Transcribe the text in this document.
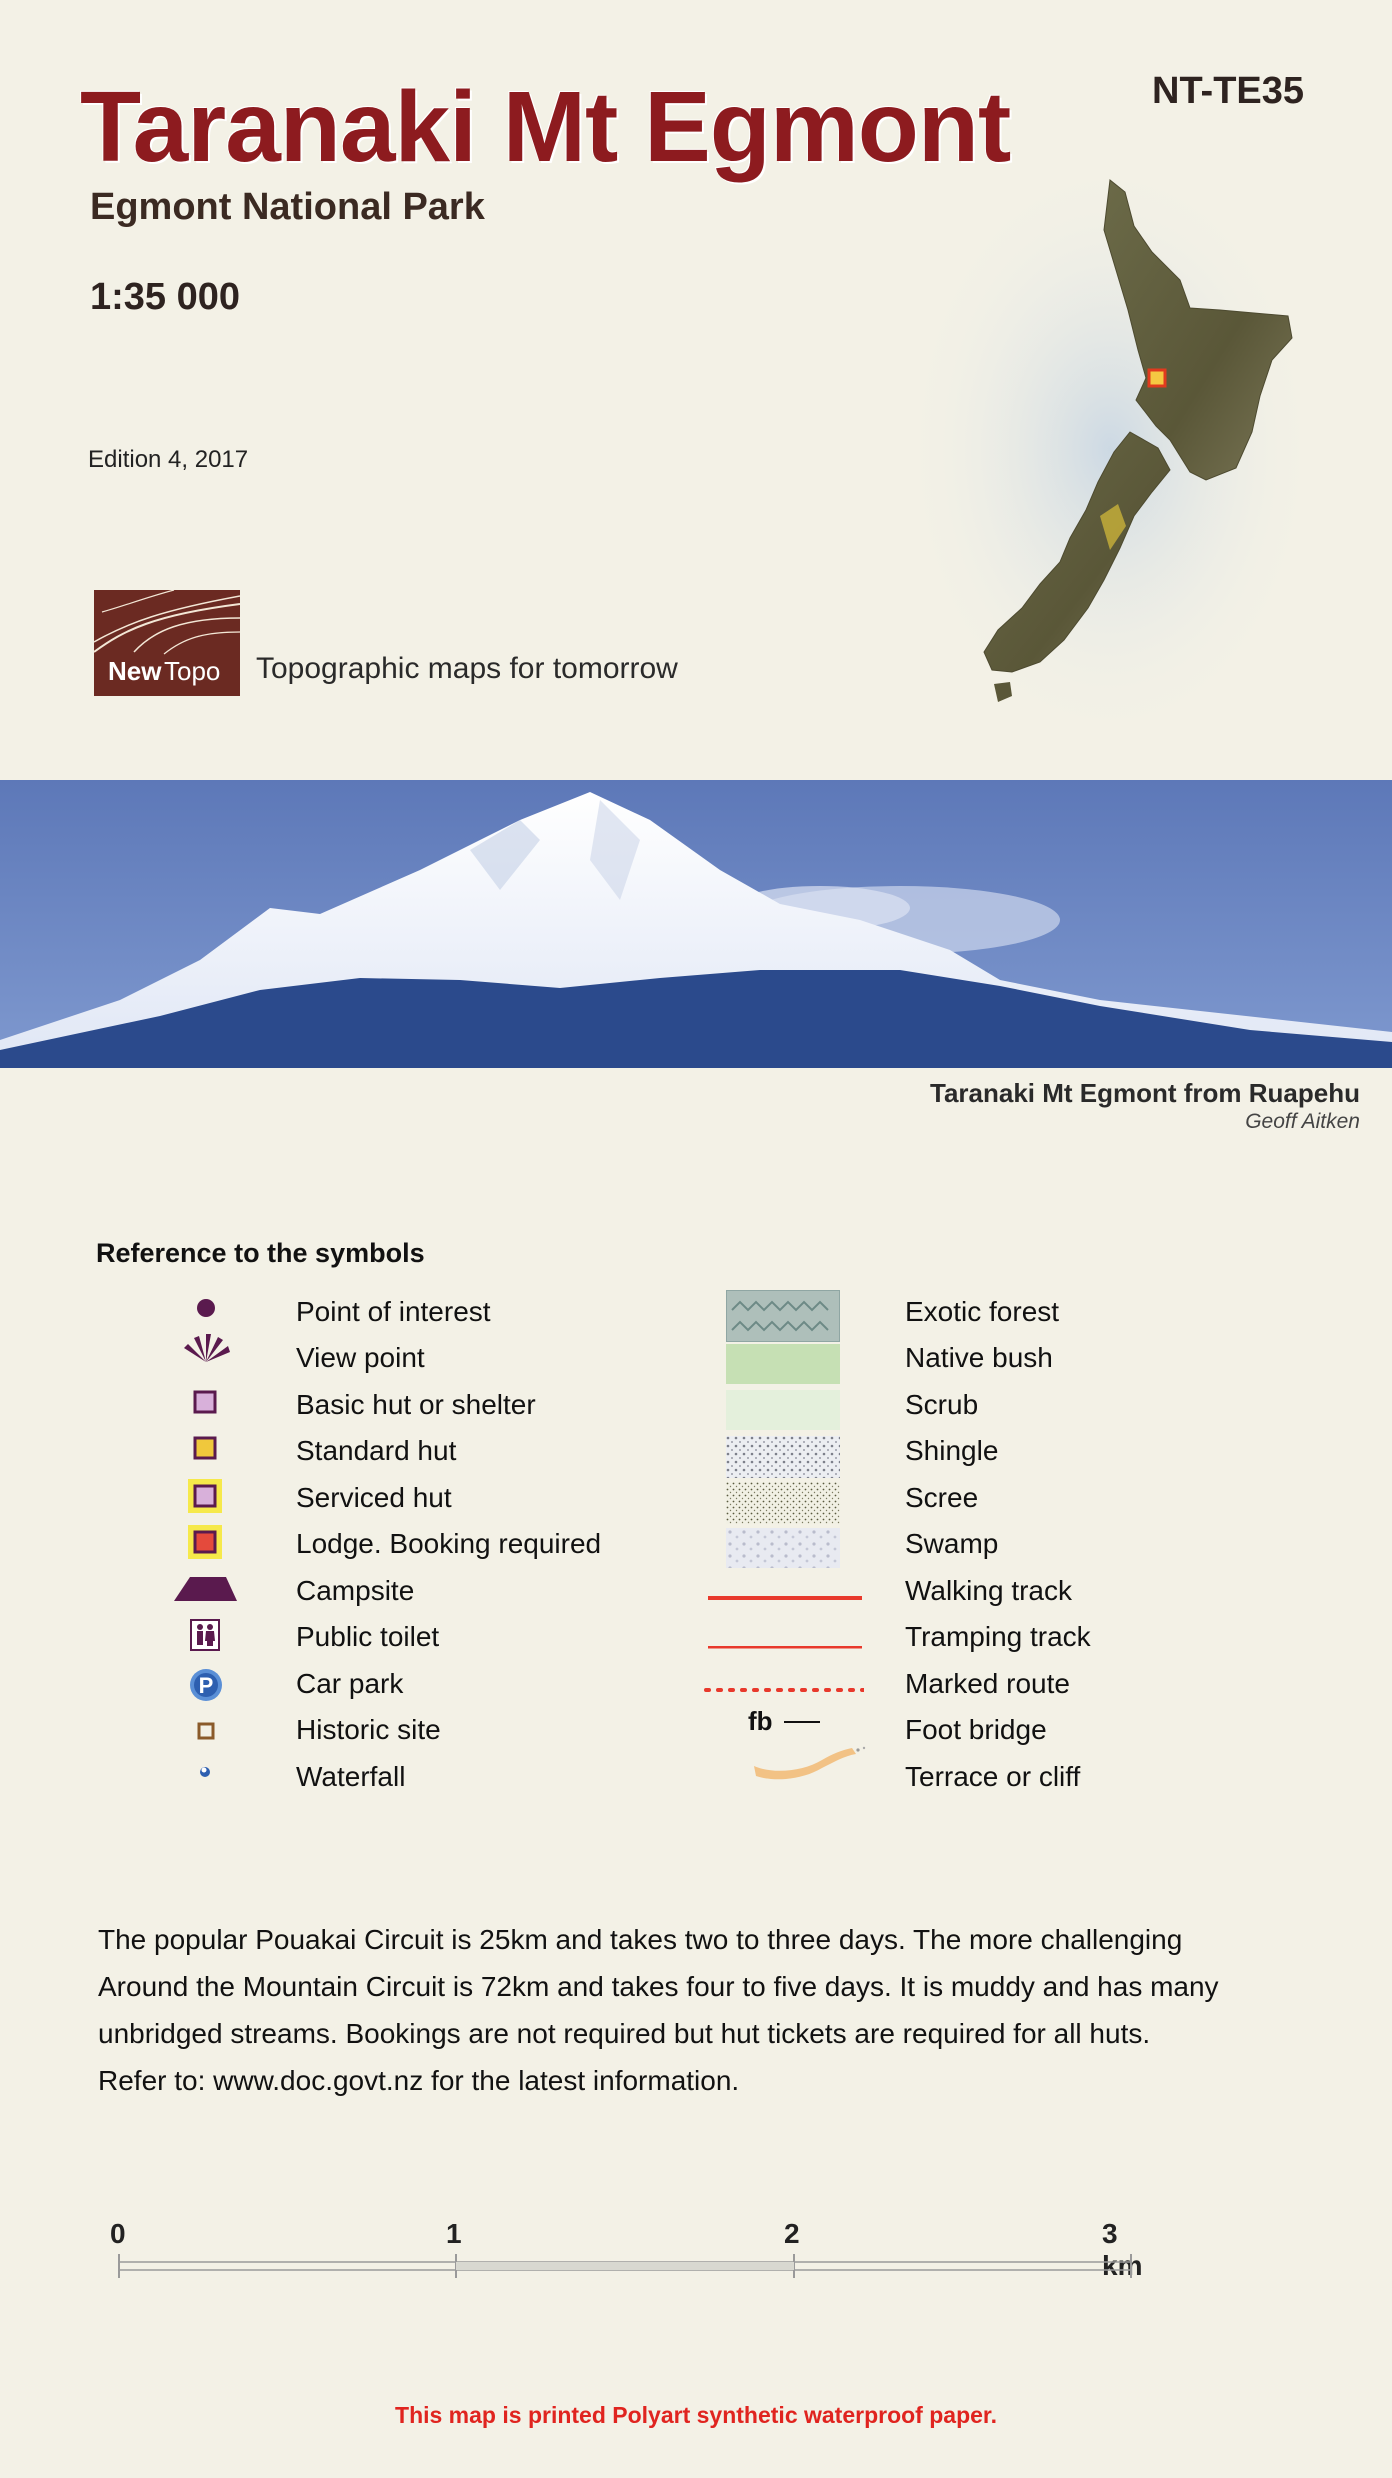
Taranaki Mt Egmont
Egmont National Park
1:35 000
Edition 4, 2017
NT-TE35
New Topo Topographic maps for tomorrow
Taranaki Mt Egmont from Ruapehu
Geoff Aitken
Reference to the symbols
P
Point of interest
View point
Basic hut or shelter
Standard hut
Serviced hut
Lodge. Booking required
Campsite
Public toilet
Car park
Historic site
Waterfall
fb
Exotic forest
Native bush
Scrub
Shingle
Scree
Swamp
Walking track
Tramping track
Marked route
Foot bridge
Terrace or cliff

The popular Pouakai Circuit is 25km and takes two to three days. The more challenging

Around the Mountain Circuit is 72km and takes four to five days. It is muddy and has many

unbridged streams. Bookings are not required but hut tickets are required for all huts.

Refer to: www.doc.govt.nz for the latest information.

0	1	2	3 km
This map is printed Polyart synthetic waterproof paper.
